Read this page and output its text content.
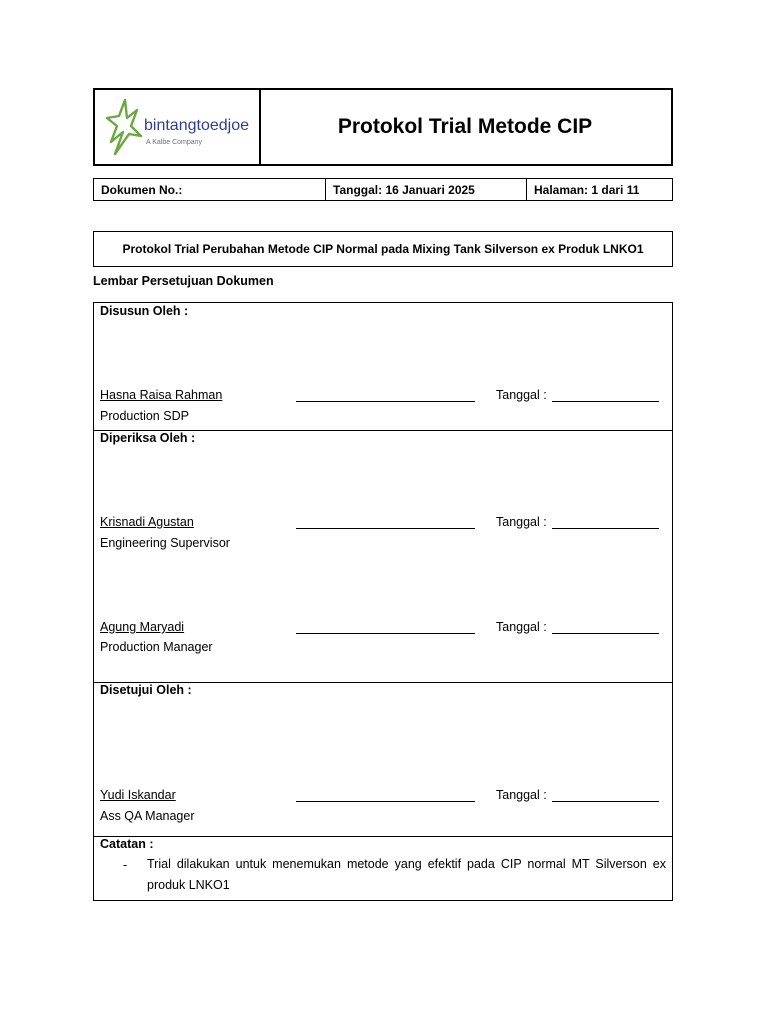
bintangtoedjoe
A Kalbe Company
Protokol Trial Metode CIP
Dokumen No.:	Tanggal: 16 Januari 2025	Halaman: 1 dari 11
Protokol Trial Perubahan Metode CIP Normal pada Mixing Tank Silverson ex Produk LNKO1
Lembar Persetujuan Dokumen
Disusun Oleh :
Hasna Raisa Rahman	Tanggal :
Production SDP
Diperiksa Oleh :
Krisnadi Agustan	Tanggal :
Engineering Supervisor
Agung Maryadi	Tanggal :
Production Manager
Disetujui Oleh :
Yudi Iskandar	Tanggal :
Ass QA Manager
Catatan :
- Trial dilakukan untuk menemukan metode yang efektif pada CIP normal MT Silverson ex produk LNKO1
